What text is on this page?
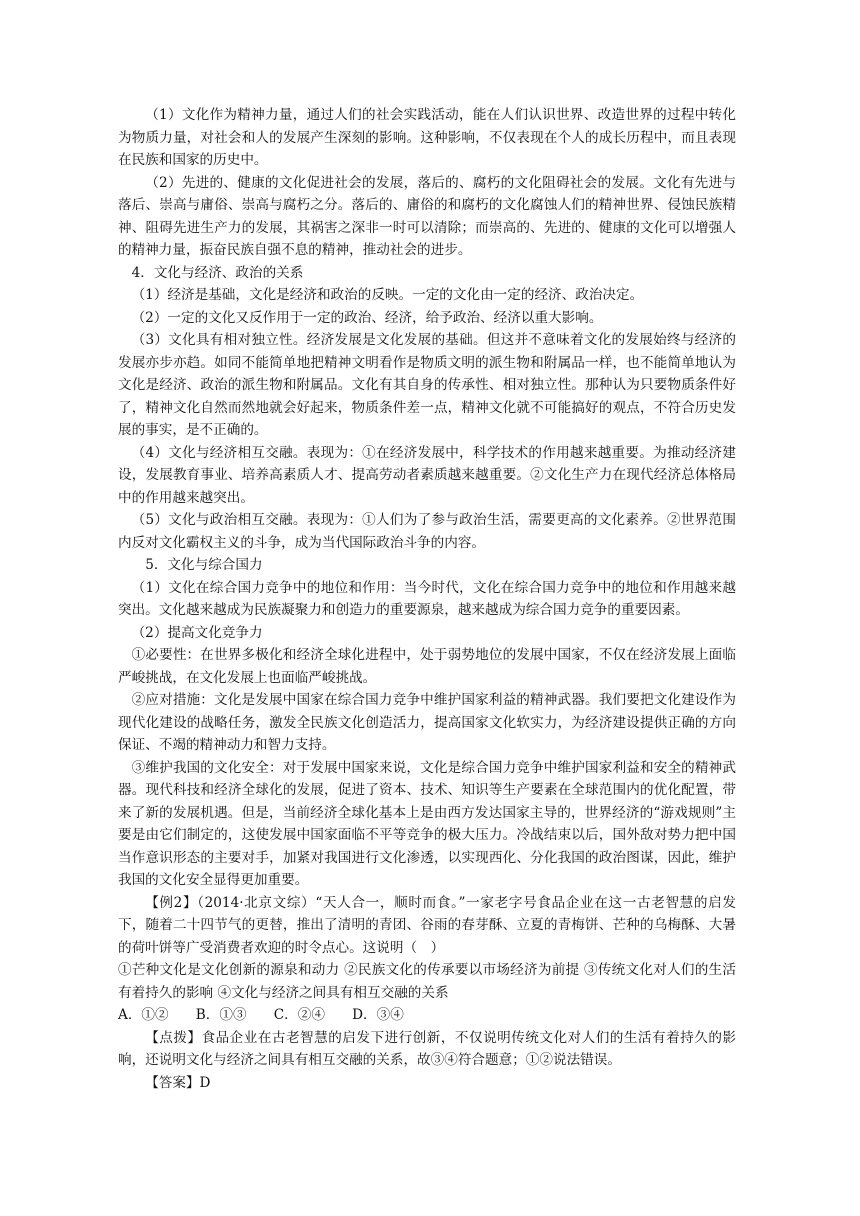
（1）文化作为精神力量，通过人们的社会实践活动，能在人们认识世界、改造世界的过程中转化为物质力量，对社会和人的发展产生深刻的影响。这种影响，不仅表现在个人的成长历程中，而且表现在民族和国家的历史中。

（2）先进的、健康的文化促进社会的发展，落后的、腐朽的文化阻碍社会的发展。文化有先进与落后、崇高与庸俗、崇高与腐朽之分。落后的、庸俗的和腐朽的文化腐蚀人们的精神世界、侵蚀民族精神、阻碍先进生产力的发展，其祸害之深非一时可以清除；而崇高的、先进的、健康的文化可以增强人的精神力量，振奋民族自强不息的精神，推动社会的进步。

4．文化与经济、政治的关系

（1）经济是基础，文化是经济和政治的反映。一定的文化由一定的经济、政治决定。

（2）一定的文化又反作用于一定的政治、经济，给予政治、经济以重大影响。

（3）文化具有相对独立性。经济发展是文化发展的基础。但这并不意味着文化的发展始终与经济的发展亦步亦趋。如同不能简单地把精神文明看作是物质文明的派生物和附属品一样，也不能简单地认为文化是经济、政治的派生物和附属品。文化有其自身的传承性、相对独立性。那种认为只要物质条件好了，精神文化自然而然地就会好起来，物质条件差一点，精神文化就不可能搞好的观点，不符合历史发展的事实，是不正确的。

（4）文化与经济相互交融。表现为：①在经济发展中，科学技术的作用越来越重要。为推动经济建设，发展教育事业、培养高素质人才、提高劳动者素质越来越重要。②文化生产力在现代经济总体格局中的作用越来越突出。

（5）文化与政治相互交融。表现为：①人们为了参与政治生活，需要更高的文化素养。②世界范围内反对文化霸权主义的斗争，成为当代国际政治斗争的内容。

5．文化与综合国力

（1）文化在综合国力竞争中的地位和作用：当今时代，文化在综合国力竞争中的地位和作用越来越突出。文化越来越成为民族凝聚力和创造力的重要源泉，越来越成为综合国力竞争的重要因素。

（2）提高文化竞争力

①必要性：在世界多极化和经济全球化进程中，处于弱势地位的发展中国家，不仅在经济发展上面临严峻挑战，在文化发展上也面临严峻挑战。

②应对措施：文化是发展中国家在综合国力竞争中维护国家利益的精神武器。我们要把文化建设作为现代化建设的战略任务，激发全民族文化创造活力，提高国家文化软实力，为经济建设提供正确的方向保证、不竭的精神动力和智力支持。

③维护我国的文化安全：对于发展中国家来说，文化是综合国力竞争中维护国家利益和安全的精神武器。现代科技和经济全球化的发展，促进了资本、技术、知识等生产要素在全球范围内的优化配置，带来了新的发展机遇。但是，当前经济全球化基本上是由西方发达国家主导的，世界经济的“游戏规则”主要是由它们制定的，这使发展中国家面临不平等竞争的极大压力。冷战结束以后，国外敌对势力把中国当作意识形态的主要对手，加紧对我国进行文化渗透，以实现西化、分化我国的政治图谋，因此，维护我国的文化安全显得更加重要。

【例2】（2014·北京文综）“天人合一，顺时而食。”一家老字号食品企业在这一古老智慧的启发下，随着二十四节气的更替，推出了清明的青团、谷雨的春芽酥、立夏的青梅饼、芒种的乌梅酥、大暑的荷叶饼等广受消费者欢迎的时令点心。这说明（　）

①芒种文化是文化创新的源泉和动力 ②民族文化的传承要以市场经济为前提 ③传统文化对人们的生活有着持久的影响 ④文化与经济之间具有相互交融的关系

A．①②　　B．①③　　C．②④　　D．③④

【点拨】食品企业在古老智慧的启发下进行创新，不仅说明传统文化对人们的生活有着持久的影响，还说明文化与经济之间具有相互交融的关系，故③④符合题意；①②说法错误。

【答案】D
